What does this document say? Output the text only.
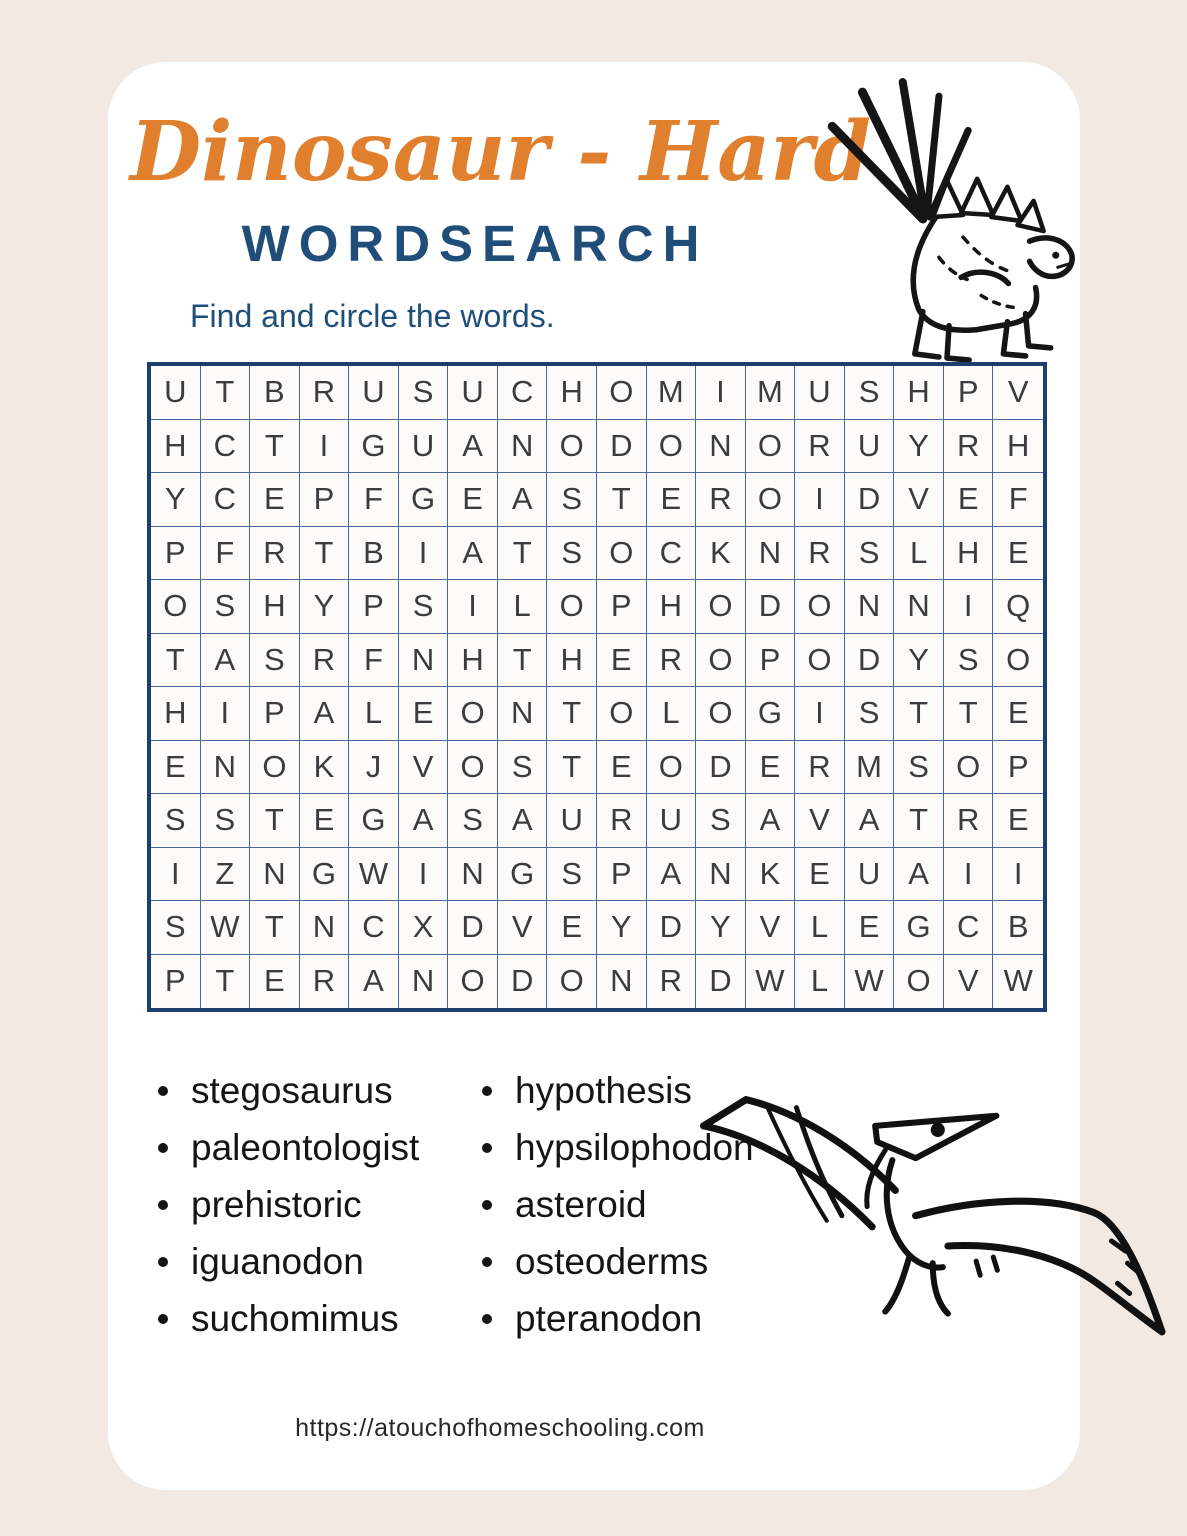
Dinosaur - Hard
WORDSEARCH
Find and circle the words.
U T B R U S U C H O M	I	M U S H P V
H C T	I	G U A N O D O N O R U Y R H
Y C E P F G E A S T E R O	I	D V E F
P F R T B	I	A T S O C K N R S L H E
O S H Y P S	I	L O P H O D O N N	I	Q
T A S R F N H T H E R O P O D Y S O
H	I	P A L E O N T O L O G	I	S T T E
E N O K	J	V O S T E O D E R M S O P
S S T E G A S A U R U S A V A T R E
I	Z N G W I	N G S P A N K E U A	I	I
S W T N C X D V E Y D Y V L E G C B
P T E R A N O D O N R D W L W O V W
stegosaurus
paleontologist
prehistoric
iguanodon
suchomimus
hypothesis
hypsilophodon
asteroid
osteoderms
pteranodon
https://atouchofhomeschooling.com
